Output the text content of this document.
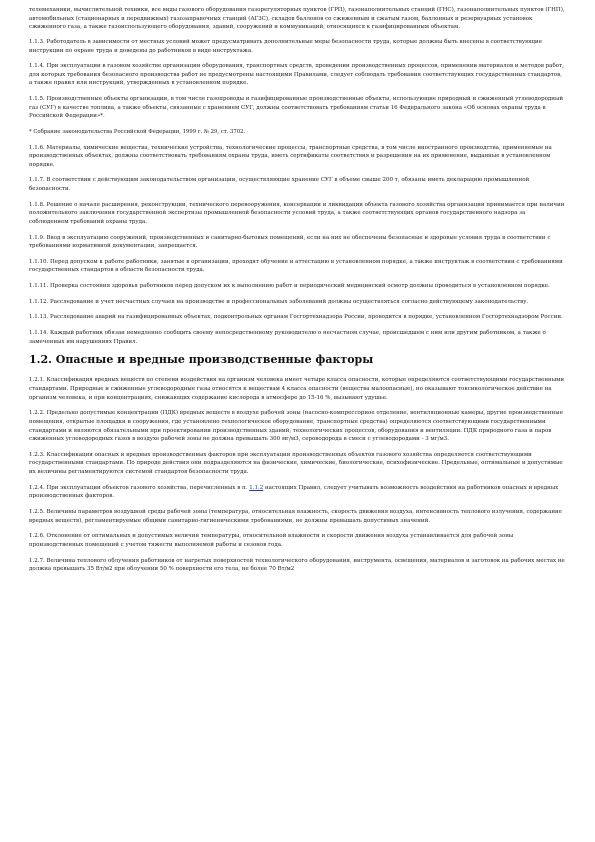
телемеханики, вычислительной техники, все виды газового оборудования газорегуляторных пунктов (ГРП), газонаполнительных станций (ГНС), газонаполнительных пунктов (ГНП), автомобильных (стационарных и передвижных) газозаправочных станций (АГЗС), складов баллонов со сжиженным и сжатым газом, баллонных и резервуарных установок сжиженного газа, а также газоиспользующего оборудования, зданий, сооружений и коммуникаций, относящихся к газифицированным объектам.

1.1.3. Работодатель в зависимости от местных условий может предусматривать дополнительные меры безопасности труда, которые должны быть внесены в соответствующие инструкции по охране труда и доведены до работников в виде инструктажа.

1.1.4. При эксплуатации в газовом хозяйстве организации оборудования, транспортных средств, проведении производственных процессов, применении материалов и методов работ, для которых требования безопасного производства работ не предусмотрены настоящими Правилами, следует соблюдать требования соответствующих государственных стандартов, а также правил или инструкций, утвержденных в установленном порядке.

1.1.5. Производственные объекты организации, в том числе газопроводы и газифицированные производственные объекты, использующие природный и сжиженный углеводородный газ (СУГ) в качестве топлива, а также объекты, связанные с хранением СУГ, должны соответствовать требованиям статьи 16 Федерального закона «Об основах охраны труда в Российской Федерации»*.

* Собрание законодательства Российской Федерации, 1999 г. № 29, ст. 3702.

1.1.6. Материалы, химические вещества, технические устройства, технологические процессы, транспортные средства, в том числе иностранного производства, применяемые на производственных объектах, должны соответствовать требованиям охраны труда, иметь сертификаты соответствия и разрешения на их применение, выданные в установленном порядке.

1.1.7. В соответствии с действующим законодательством организации, осуществляющие хранение СУГ в объеме свыше 200 т, обязаны иметь декларацию промышленной безопасности.

1.1.8. Решение о начале расширения, реконструкции, технического перевооружения, консервации и ликвидации объекта газового хозяйства организации принимается при наличии положительного заключения государственной экспертизы промышленной безопасности условий труда, а также соответствующих органов государственного надзора за соблюдением требований охраны труда.

1.1.9. Ввод в эксплуатацию сооружений, производственных и санитарно-бытовых помещений, если на них не обеспечены безопасные и здоровые условия труда в соответствии с требованиями нормативной документации, запрещается.

1.1.10. Перед допуском к работе работники, занятые в организации, проходят обучение и аттестацию в установленном порядке, а также инструктаж в соответствии с требованиями государственных стандартов в области безопасности труда.

1.1.11. Проверка состояния здоровья работников перед допуском их к выполнению работ и периодический медицинский осмотр должны проводиться в установленном порядке.

1.1.12. Расследование и учет несчастных случаев на производстве и профессиональных заболеваний должны осуществляться согласно действующему законодательству.

1.1.13. Расследование аварий на газифицированных объектах, подконтрольных органам Госгортехнадзора России, проводится в порядке, установленном Госгортехнадзором России.

1.1.14. Каждый работник обязан немедленно сообщить своему непосредственному руководителю о несчастном случае, происшедшем с ним или другим работником, а также о замеченных им нарушениях Правил.

1.2. Опасные и вредные производственные факторы

1.2.1. Классификация вредных веществ по степени воздействия на организм человека имеет четыре класса опасности, которые определяются соответствующими государственными стандартами. Природные и сжиженные углеводородные газы относятся к веществам 4 класса опасности (вещества малоопасные), но оказывают токсикологическое действие на организм человека, и при концентрациях, снижающих содержание кислорода в атмосфере до 15-16 %, вызывают удушье.

1.2.2. Предельно допустимые концентрации (ПДК) вредных веществ в воздухе рабочей зоны (насосно-компрессорное отделение, вентиляционные камеры, другие производственные помещения, открытые площадки и сооружения, где установлено технологическое оборудование, транспортные средства) определяются соответствующими государственными стандартами и являются обязательными при проектировании производственных зданий, технологических процессов, оборудования и вентиляции. ПДК природного газа и паров сжиженных углеводородных газов в воздухе рабочей зоны не должна превышать 300 мг/м3, сероводорода в смеси с углеводородами - 3 мг/м3.

1.2.3. Классификация опасных и вредных производственных факторов при эксплуатации производственных объектов газового хозяйства определяется соответствующими государственными стандартами. По природе действия они подразделяются на физические, химические, биологические, психофизические. Предельные, оптимальные и допустимые их величины регламентируются системой стандартов безопасности труда.

1.2.4. При эксплуатации объектов газового хозяйства, перечисленных в п. 1.1.2 настоящих Правил, следует учитывать возможность воздействия на работников опасных и вредных производственных факторов.

1.2.5. Величины параметров воздушной среды рабочей зоны (температура, относительная влажность, скорость движения воздуха, интенсивность теплового излучения, содержание вредных веществ), регламентируемые общими санитарно-гигиеническими требованиями, не должны превышать допустимых значений.

1.2.6. Отклонение от оптимальных и допустимых величин температуры, относительной влажности и скорости движения воздуха устанавливается для рабочей зоны производственных помещений с учетом тяжести выполняемой работы и сезонов года.

1.2.7. Величина теплового облучения работников от нагретых поверхностей технологического оборудования, инструмента, освещения, материалов и заготовок на рабочих местах не должна превышать 35 Вт/м2 при облучении 50 % поверхности его тела, не более 70 Вт/м2
